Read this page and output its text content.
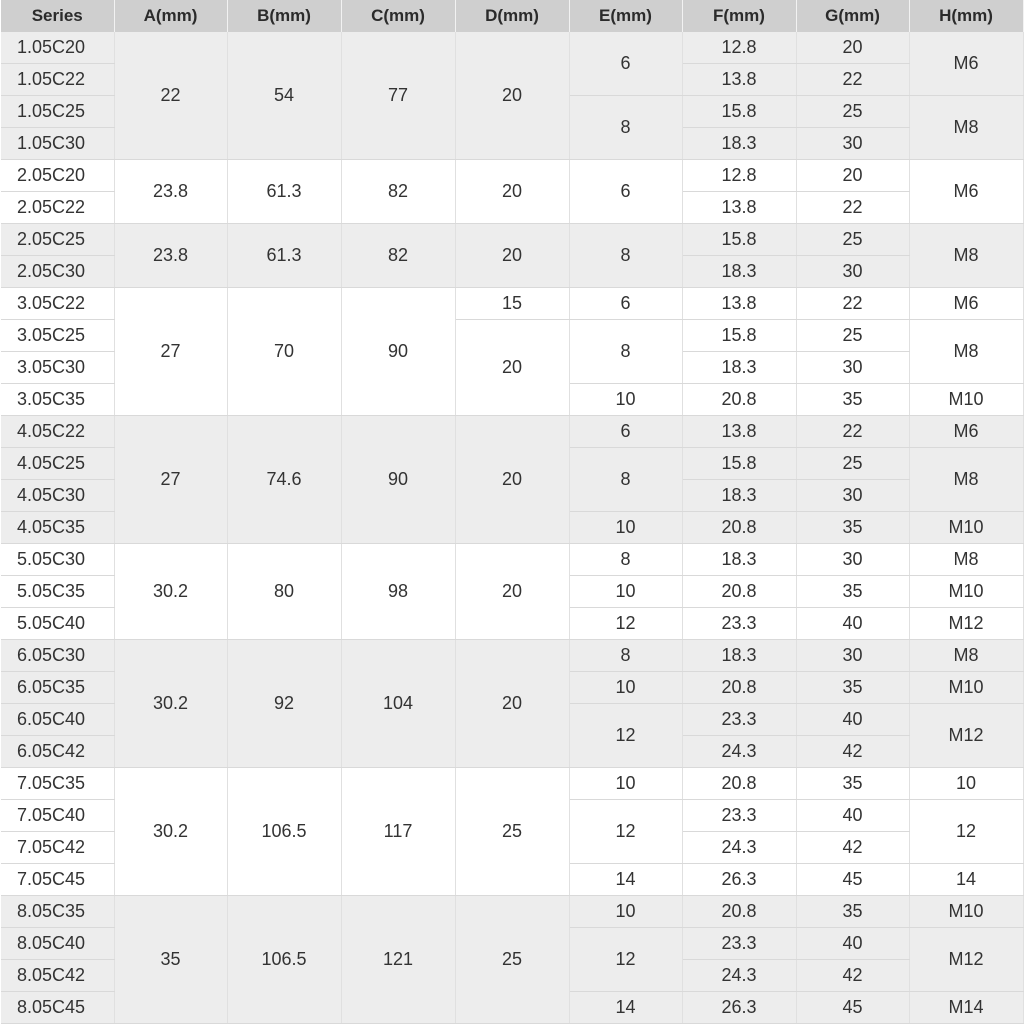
Series	A(mm)	B(mm)	C(mm)	D(mm)	E(mm)	F(mm)	G(mm)	H(mm)
1.05C20	22	54	77	20	6	12.8	20	M6
1.05C22						13.8	22	
1.05C25					8	15.8	25	M8
1.05C30						18.3	30	
2.05C20	23.8	61.3	82	20	6	12.8	20	M6
2.05C22						13.8	22	
2.05C25	23.8	61.3	82	20	8	15.8	25	M8
2.05C30						18.3	30	
3.05C22	27	70	90	15	6	13.8	22	M6
3.05C25				20	8	15.8	25	M8
3.05C30						18.3	30	
3.05C35					10	20.8	35	M10
4.05C22	27	74.6	90	20	6	13.8	22	M6
4.05C25					8	15.8	25	M8
4.05C30						18.3	30	
4.05C35					10	20.8	35	M10
5.05C30	30.2	80	98	20	8	18.3	30	M8
5.05C35					10	20.8	35	M10
5.05C40					12	23.3	40	M12
6.05C30	30.2	92	104	20	8	18.3	30	M8
6.05C35					10	20.8	35	M10
6.05C40					12	23.3	40	M12
6.05C42						24.3	42	
7.05C35	30.2	106.5	117	25	10	20.8	35	10
7.05C40					12	23.3	40	12
7.05C42						24.3	42	
7.05C45					14	26.3	45	14
8.05C35	35	106.5	121	25	10	20.8	35	M10
8.05C40					12	23.3	40	M12
8.05C42						24.3	42	
8.05C45					14	26.3	45	M14
